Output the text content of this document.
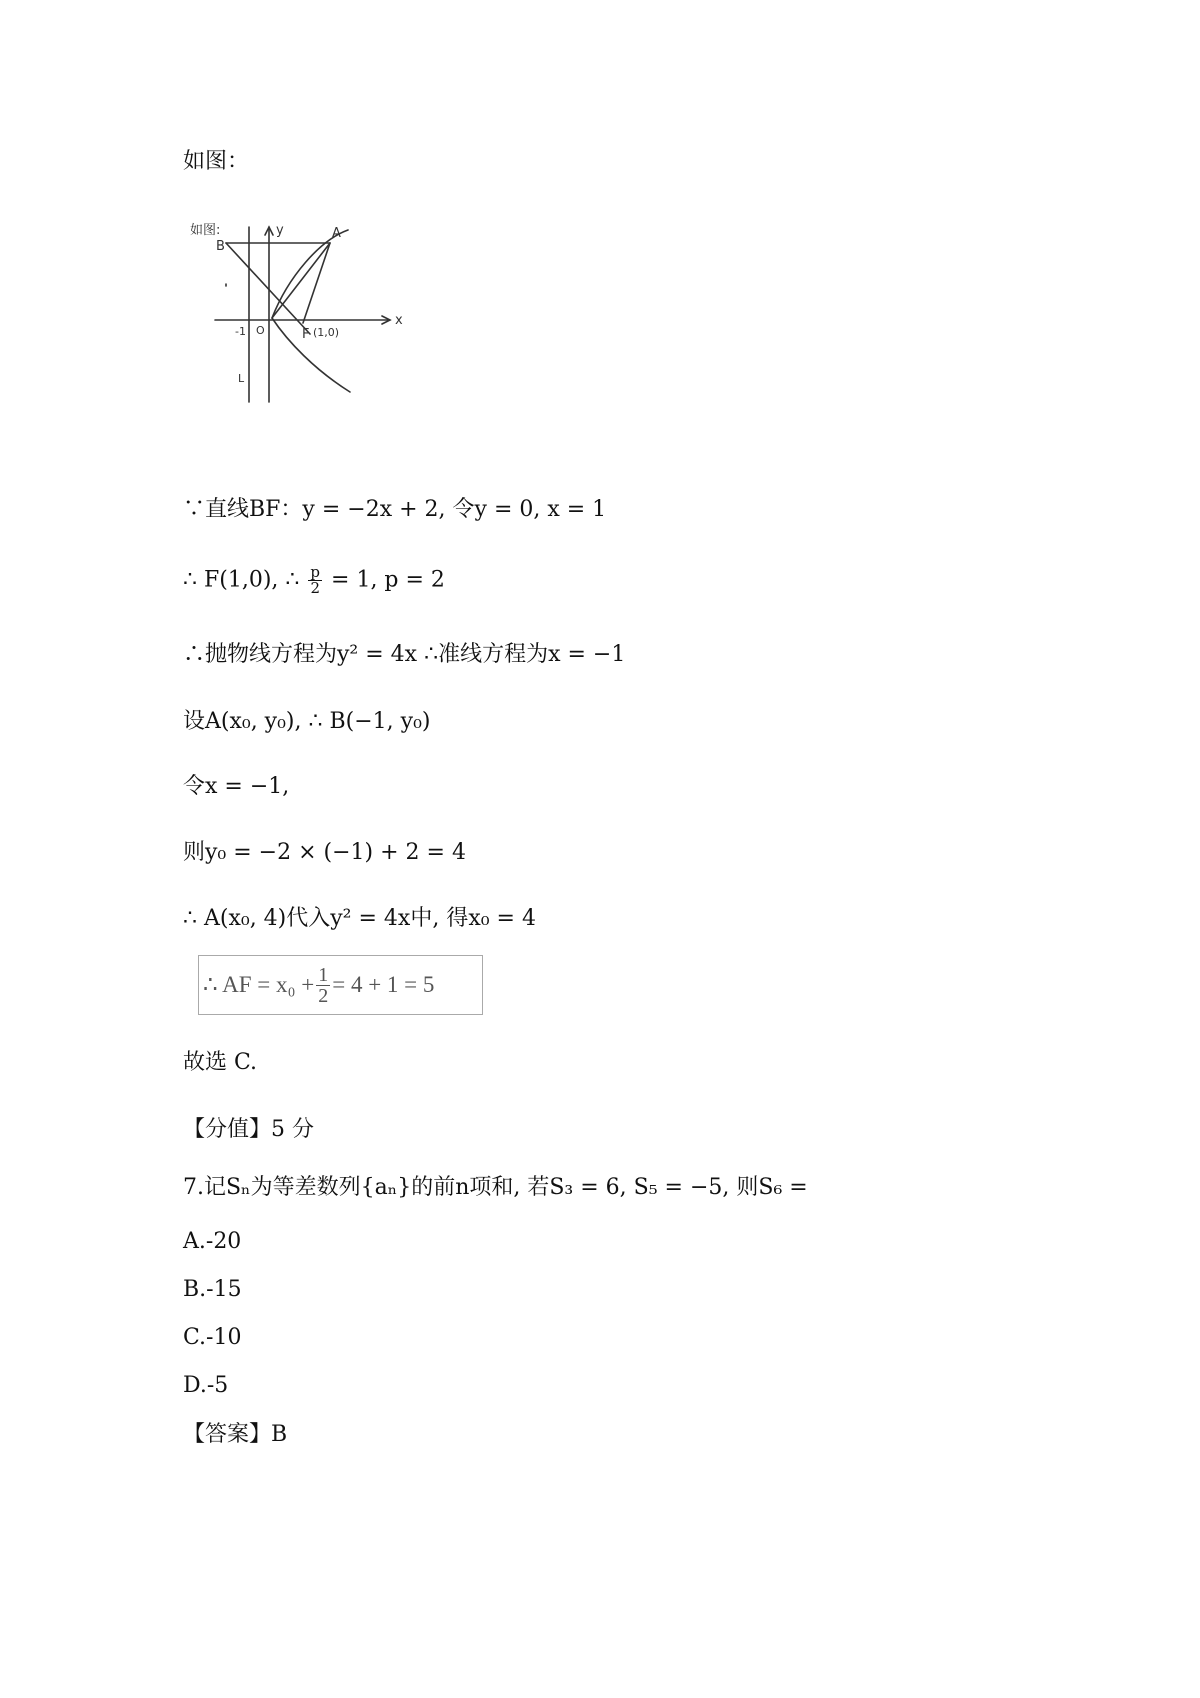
如图：
如图:	y
x
A
B
F (1,0)
-1 O
L
∵直线BF：y = −2x + 2, 令y = 0, x = 1
∴ F(1,0), ∴ $\frac{p}{2} = 1$, p = 2
∴抛物线方程为y² = 4x ∴准线方程为x = −1
设A(x₀, y₀), ∴ B(−1, y₀)
令x = −1,
则y₀ = −2 × (−1) + 2 = 4
∴ A(x₀, 4)代入y² = 4x中, 得x₀ = 4
∴ AF = $x_0 + \frac{1}{2} = 4 + 1 = 5$
故选 C.
【分值】5 分
7.记Sₙ为等差数列{aₙ}的前n项和, 若S₃ = 6, S₅ = −5, 则S₆ =
A.-20
B.-15
C.-10
D.-5
【答案】B
